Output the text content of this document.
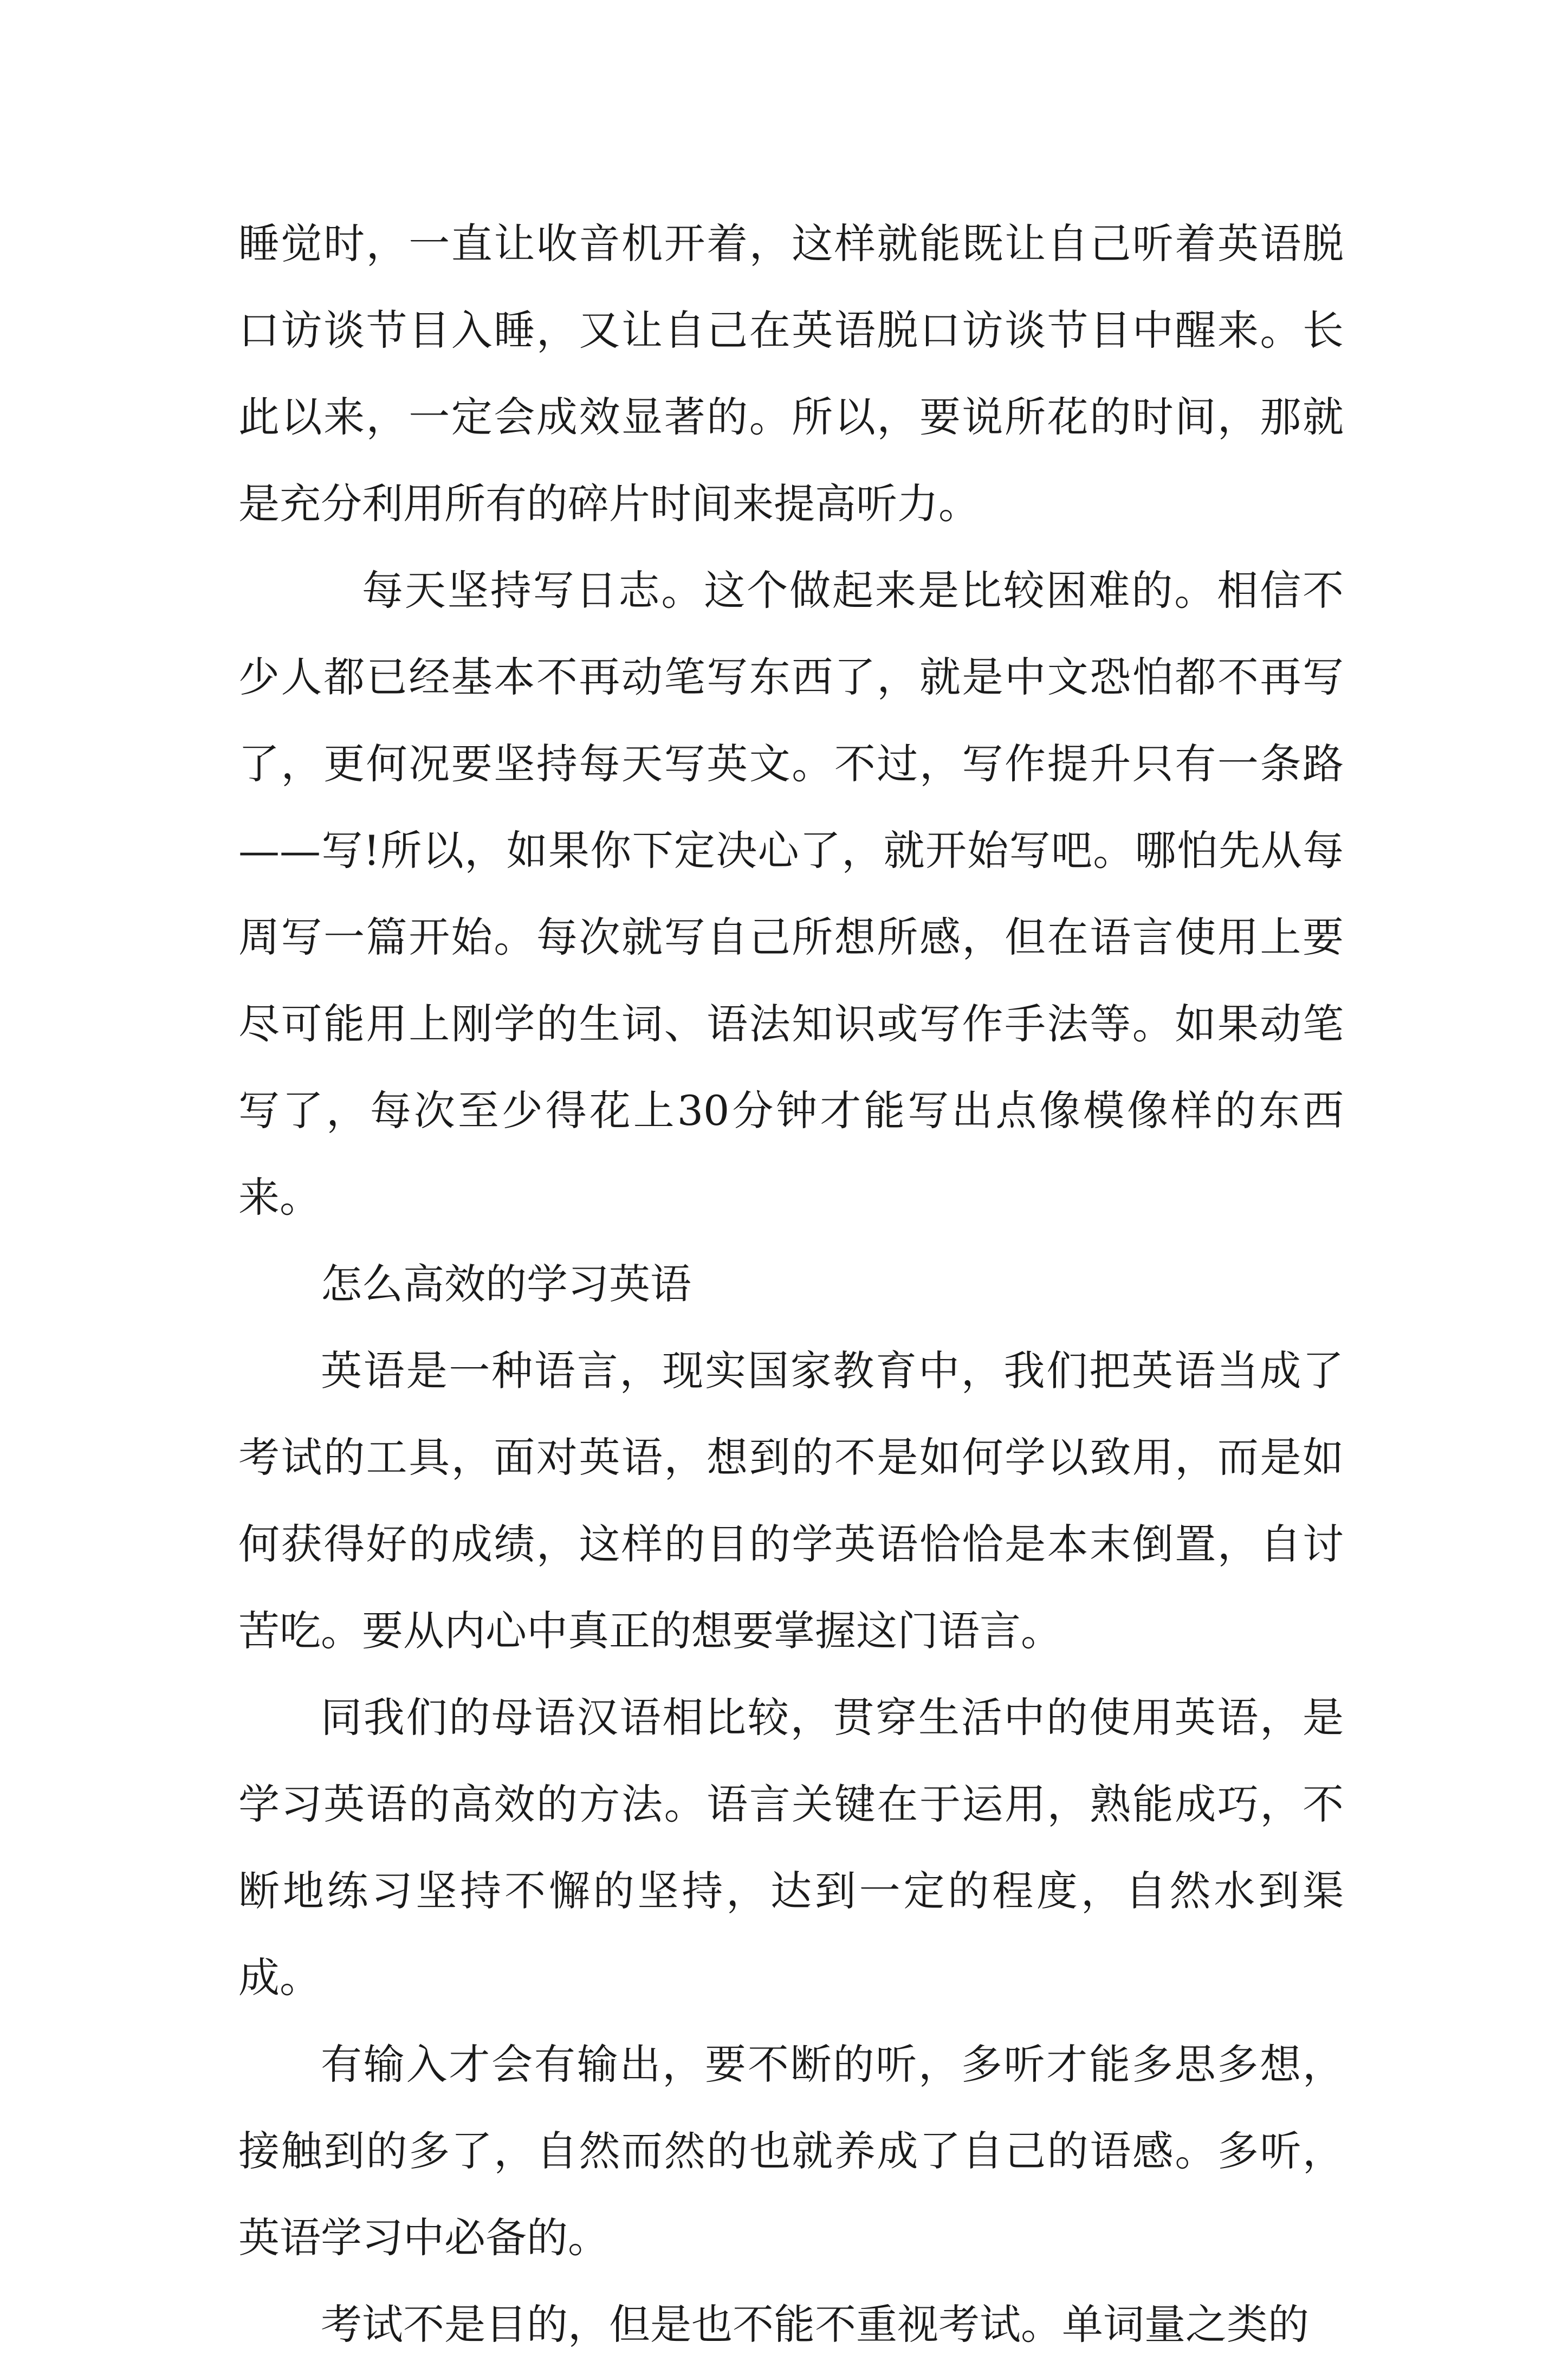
睡觉时，一直让收音机开着，这样就能既让自己听着英语脱口访谈节目入睡，又让自己在英语脱口访谈节目中醒来。长此以来，一定会成效显著的。所以，要说所花的时间，那就是充分利用所有的碎片时间来提高听力。

每天坚持写日志。这个做起来是比较困难的。相信不少人都已经基本不再动笔写东西了，就是中文恐怕都不再写了，更何况要坚持每天写英文。不过，写作提升只有一条路——写!所以，如果你下定决心了，就开始写吧。哪怕先从每周写一篇开始。每次就写自己所想所感，但在语言使用上要尽可能用上刚学的生词、语法知识或写作手法等。如果动笔写了，每次至少得花上30分钟才能写出点像模像样的东西来。

怎么高效的学习英语

英语是一种语言，现实国家教育中，我们把英语当成了考试的工具，面对英语，想到的不是如何学以致用，而是如何获得好的成绩，这样的目的学英语恰恰是本末倒置，自讨苦吃。要从内心中真正的想要掌握这门语言。

同我们的母语汉语相比较，贯穿生活中的使用英语，是学习英语的高效的方法。语言关键在于运用，熟能成巧，不断地练习坚持不懈的坚持，达到一定的程度，自然水到渠成。

有输入才会有输出，要不断的听，多听才能多思多想，接触到的多了，自然而然的也就养成了自己的语感。多听，英语学习中必备的。

考试不是目的，但是也不能不重视考试。单词量之类的
